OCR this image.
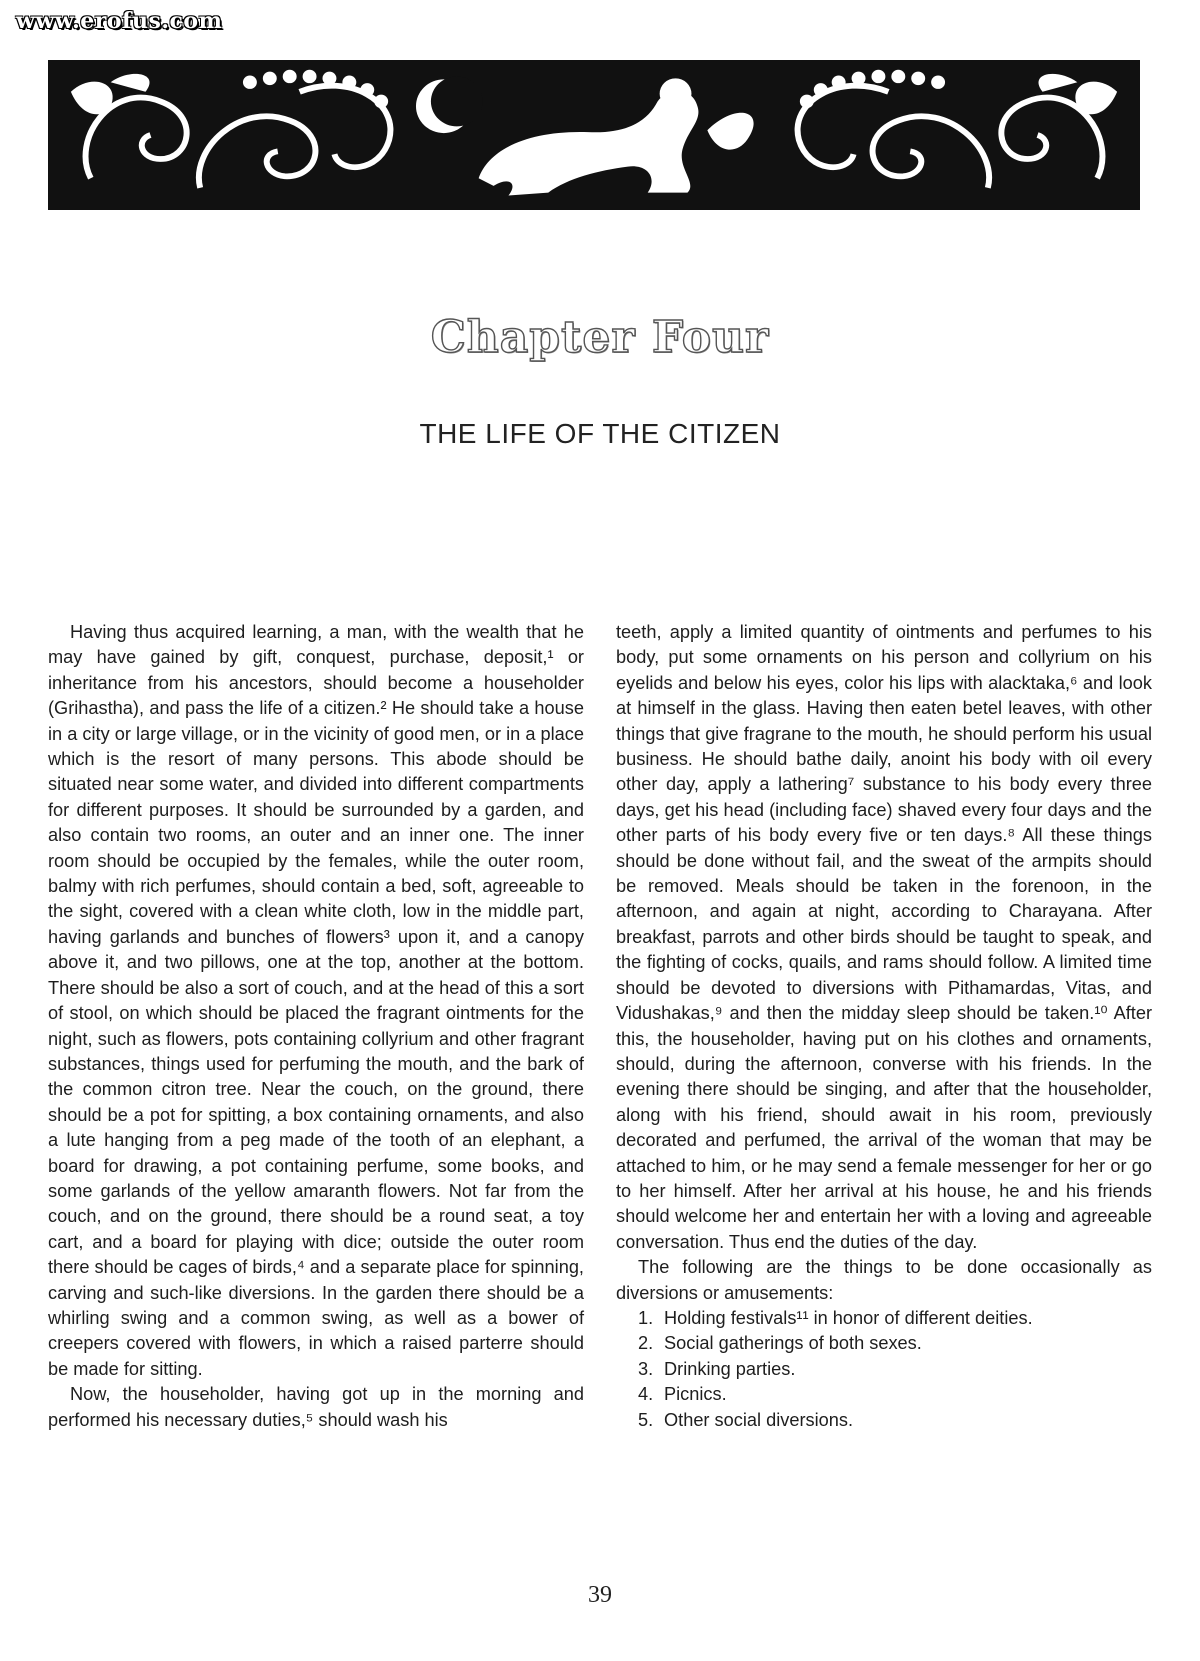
www.erofus.com
Chapter Four
THE LIFE OF THE CITIZEN

Having thus acquired learning, a man, with the wealth that he may have gained by gift, conquest, purchase, deposit,¹ or inheritance from his ancestors, should become a householder (Grihastha), and pass the life of a citizen.² He should take a house in a city or large village, or in the vicinity of good men, or in a place which is the resort of many persons. This abode should be situated near some water, and divided into different compartments for different purposes. It should be surrounded by a garden, and also contain two rooms, an outer and an inner one. The inner room should be occupied by the females, while the outer room, balmy with rich perfumes, should contain a bed, soft, agreeable to the sight, covered with a clean white cloth, low in the middle part, having garlands and bunches of flowers³ upon it, and a canopy above it, and two pillows, one at the top, another at the bottom. There should be also a sort of couch, and at the head of this a sort of stool, on which should be placed the fragrant ointments for the night, such as flowers, pots containing collyrium and other fragrant substances, things used for perfuming the mouth, and the bark of the common citron tree. Near the couch, on the ground, there should be a pot for spitting, a box containing ornaments, and also a lute hanging from a peg made of the tooth of an elephant, a board for drawing, a pot containing perfume, some books, and some garlands of the yellow amaranth flowers. Not far from the couch, and on the ground, there should be a round seat, a toy cart, and a board for playing with dice; outside the outer room there should be cages of birds,⁴ and a separate place for spinning, carving and such-like diversions. In the garden there should be a whirling swing and a common swing, as well as a bower of creepers covered with flowers, in which a raised parterre should be made for sitting.

Now, the householder, having got up in the morning and performed his necessary duties,⁵ should wash his

teeth, apply a limited quantity of ointments and perfumes to his body, put some ornaments on his person and collyrium on his eyelids and below his eyes, color his lips with alacktaka,⁶ and look at himself in the glass. Having then eaten betel leaves, with other things that give fragrane to the mouth, he should perform his usual business. He should bathe daily, anoint his body with oil every other day, apply a lathering⁷ substance to his body every three days, get his head (including face) shaved every four days and the other parts of his body every five or ten days.⁸ All these things should be done without fail, and the sweat of the armpits should be removed. Meals should be taken in the forenoon, in the afternoon, and again at night, according to Charayana. After breakfast, parrots and other birds should be taught to speak, and the fighting of cocks, quails, and rams should follow. A limited time should be devoted to diversions with Pithamardas, Vitas, and Vidushakas,⁹ and then the midday sleep should be taken.¹⁰ After this, the householder, having put on his clothes and ornaments, should, during the afternoon, converse with his friends. In the evening there should be singing, and after that the householder, along with his friend, should await in his room, previously decorated and perfumed, the arrival of the woman that may be attached to him, or he may send a female messenger for her or go to her himself. After her arrival at his house, he and his friends should welcome her and entertain her with a loving and agreeable conversation. Thus end the duties of the day.

The following are the things to be done occasionally as diversions or amusements:

1. Holding festivals¹¹ in honor of different deities.
2. Social gatherings of both sexes.
3. Drinking parties.
4. Picnics.
5. Other social diversions.
39
